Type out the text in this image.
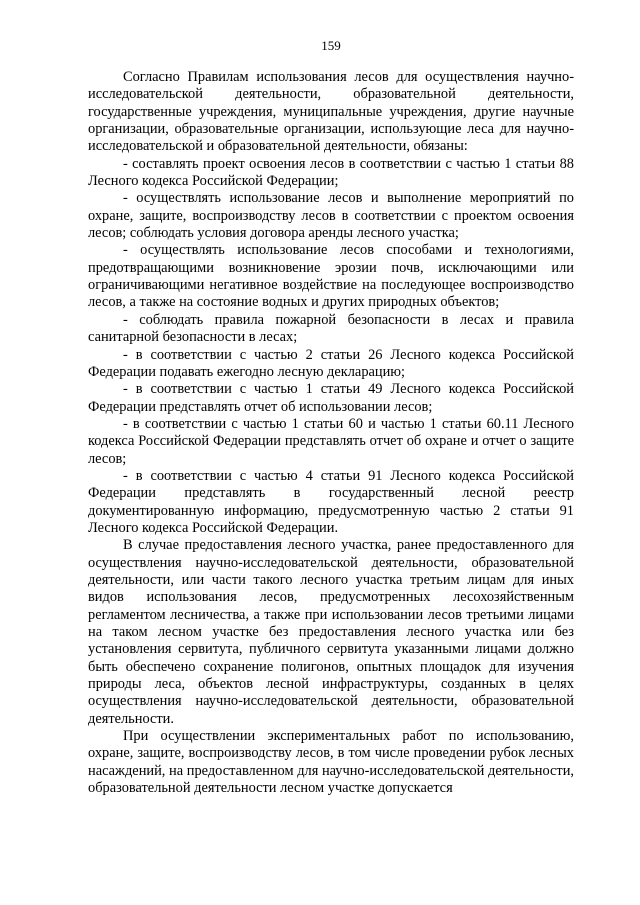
159

Согласно Правилам использования лесов для осуществления научно-исследовательской деятельности, образовательной деятельности, государственные учреждения, муниципальные учреждения, другие научные организации, образовательные организации, использующие леса для научно-исследовательской и образовательной деятельности, обязаны:

- составлять проект освоения лесов в соответствии с частью 1 статьи 88 Лесного кодекса Российской Федерации;

- осуществлять использование лесов и выполнение мероприятий по охране, защите, воспроизводству лесов в соответствии с проектом освоения лесов; соблюдать условия договора аренды лесного участка;

- осуществлять использование лесов способами и технологиями, предотвращающими возникновение эрозии почв, исключающими или ограничивающими негативное воздействие на последующее воспроизводство лесов, а также на состояние водных и других природных объектов;

- соблюдать правила пожарной безопасности в лесах и правила санитарной безопасности в лесах;

- в соответствии с частью 2 статьи 26 Лесного кодекса Российской Федерации подавать ежегодно лесную декларацию;

- в соответствии с частью 1 статьи 49 Лесного кодекса Российской Федерации представлять отчет об использовании лесов;

- в соответствии с частью 1 статьи 60 и частью 1 статьи 60.11 Лесного кодекса Российской Федерации представлять отчет об охране и отчет о защите лесов;

- в соответствии с частью 4 статьи 91 Лесного кодекса Российской Федерации представлять в государственный лесной реестр документированную информацию, предусмотренную частью 2 статьи 91 Лесного кодекса Российской Федерации.

В случае предоставления лесного участка, ранее предоставленного для осуществления научно-исследовательской деятельности, образовательной деятельности, или части такого лесного участка третьим лицам для иных видов использования лесов, предусмотренных лесохозяйственным регламентом лесничества, а также при использовании лесов третьими лицами на таком лесном участке без предоставления лесного участка или без установления сервитута, публичного сервитута указанными лицами должно быть обеспечено сохранение полигонов, опытных площадок для изучения природы леса, объектов лесной инфраструктуры, созданных в целях осуществления научно-исследовательской деятельности, образовательной деятельности.

При осуществлении экспериментальных работ по использованию, охране, защите, воспроизводству лесов, в том числе проведении рубок лесных насаждений, на предоставленном для научно-исследовательской деятельности, образовательной деятельности лесном участке допускается
